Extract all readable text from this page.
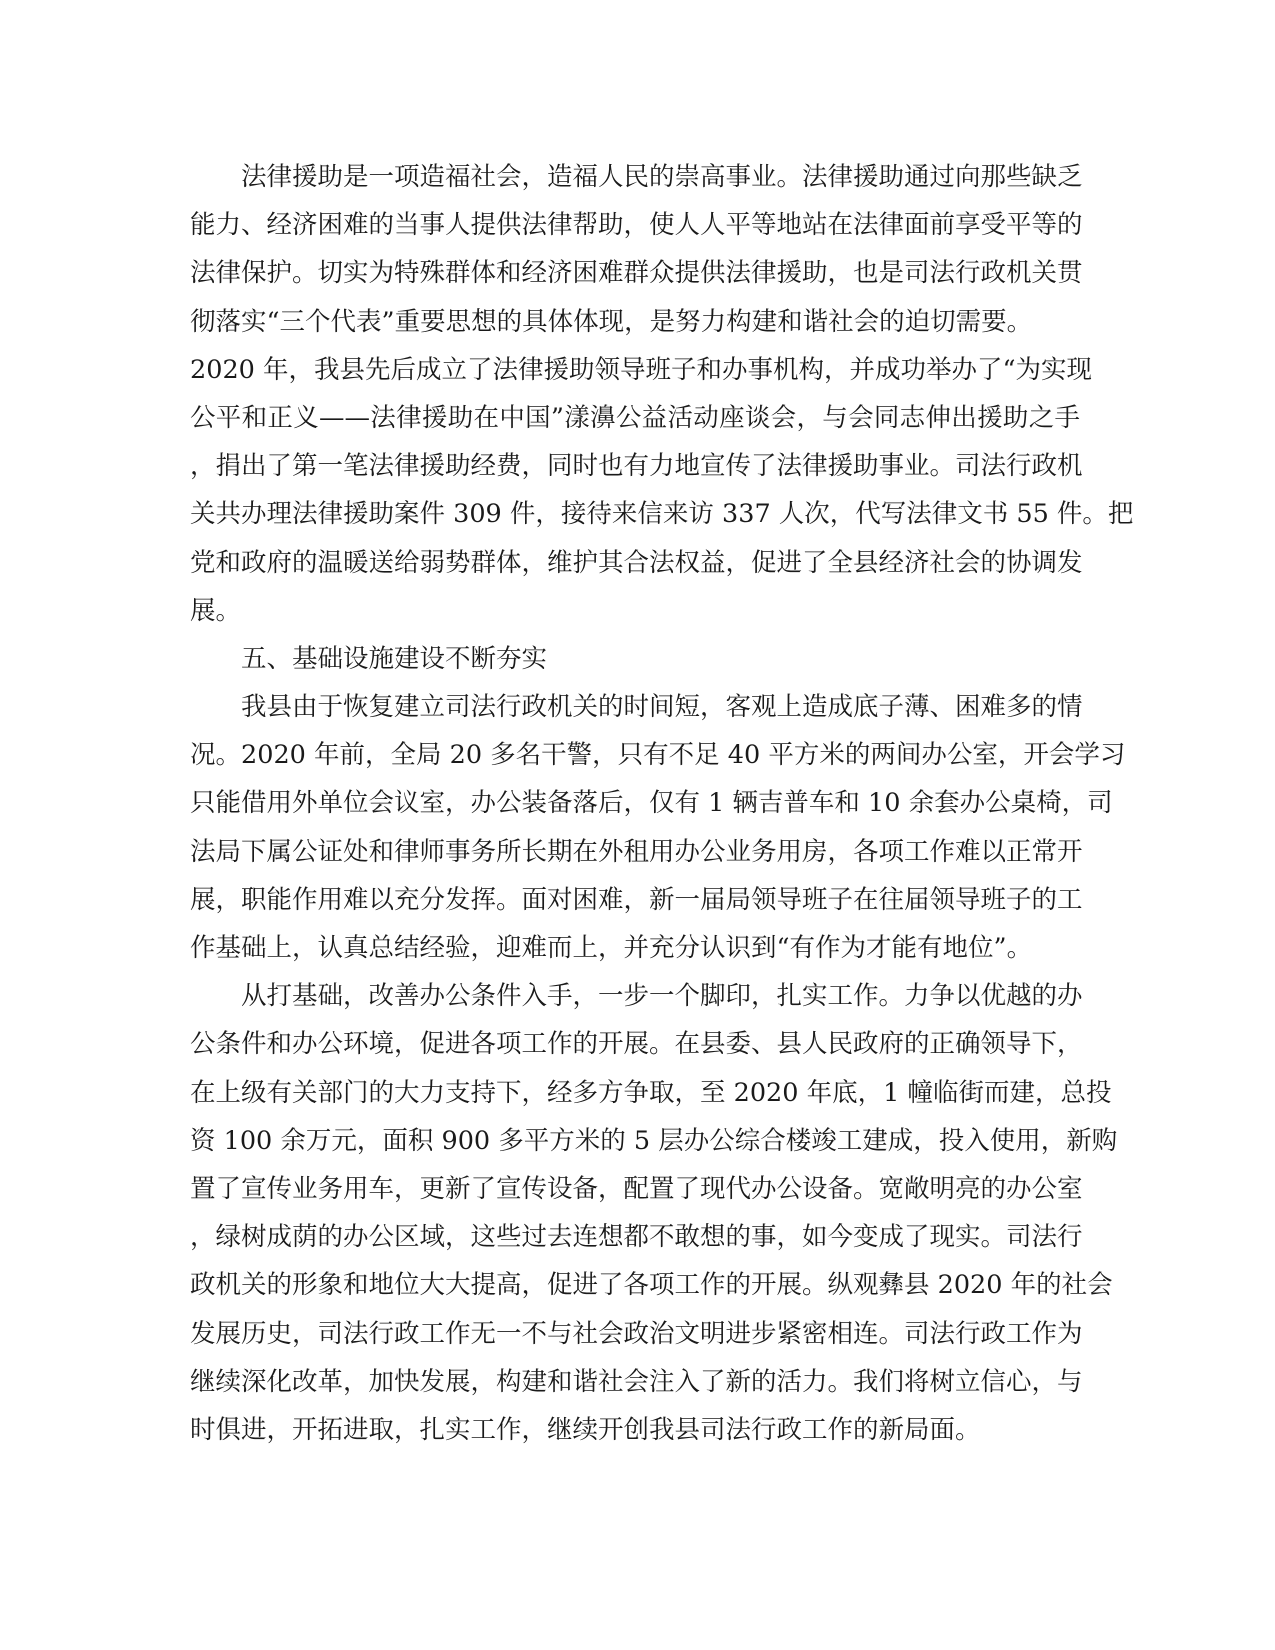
法律援助是一项造福社会，造福人民的崇高事业。法律援助通过向那些缺乏
能力、经济困难的当事人提供法律帮助，使人人平等地站在法律面前享受平等的
法律保护。切实为特殊群体和经济困难群众提供法律援助，也是司法行政机关贯
彻落实“三个代表”重要思想的具体体现，是努力构建和谐社会的迫切需要。
2020 年，我县先后成立了法律援助领导班子和办事机构，并成功举办了“为实现
公平和正义——法律援助在中国”漾濞公益活动座谈会，与会同志伸出援助之手
，捐出了第一笔法律援助经费，同时也有力地宣传了法律援助事业。司法行政机
关共办理法律援助案件 309 件，接待来信来访 337 人次，代写法律文书 55 件。把
党和政府的温暖送给弱势群体，维护其合法权益，促进了全县经济社会的协调发
展。
五、基础设施建设不断夯实
我县由于恢复建立司法行政机关的时间短，客观上造成底子薄、困难多的情
况。2020 年前，全局 20 多名干警，只有不足 40 平方米的两间办公室，开会学习
只能借用外单位会议室，办公装备落后，仅有 1 辆吉普车和 10 余套办公桌椅，司
法局下属公证处和律师事务所长期在外租用办公业务用房，各项工作难以正常开
展，职能作用难以充分发挥。面对困难，新一届局领导班子在往届领导班子的工
作基础上，认真总结经验，迎难而上，并充分认识到“有作为才能有地位”。
从打基础，改善办公条件入手，一步一个脚印，扎实工作。力争以优越的办
公条件和办公环境，促进各项工作的开展。在县委、县人民政府的正确领导下，
在上级有关部门的大力支持下，经多方争取，至 2020 年底，1 幢临街而建，总投
资 100 余万元，面积 900 多平方米的 5 层办公综合楼竣工建成，投入使用，新购
置了宣传业务用车，更新了宣传设备，配置了现代办公设备。宽敞明亮的办公室
，绿树成荫的办公区域，这些过去连想都不敢想的事，如今变成了现实。司法行
政机关的形象和地位大大提高，促进了各项工作的开展。纵观彝县 2020 年的社会
发展历史，司法行政工作无一不与社会政治文明进步紧密相连。司法行政工作为
继续深化改革，加快发展，构建和谐社会注入了新的活力。我们将树立信心，与
时俱进，开拓进取，扎实工作，继续开创我县司法行政工作的新局面。
